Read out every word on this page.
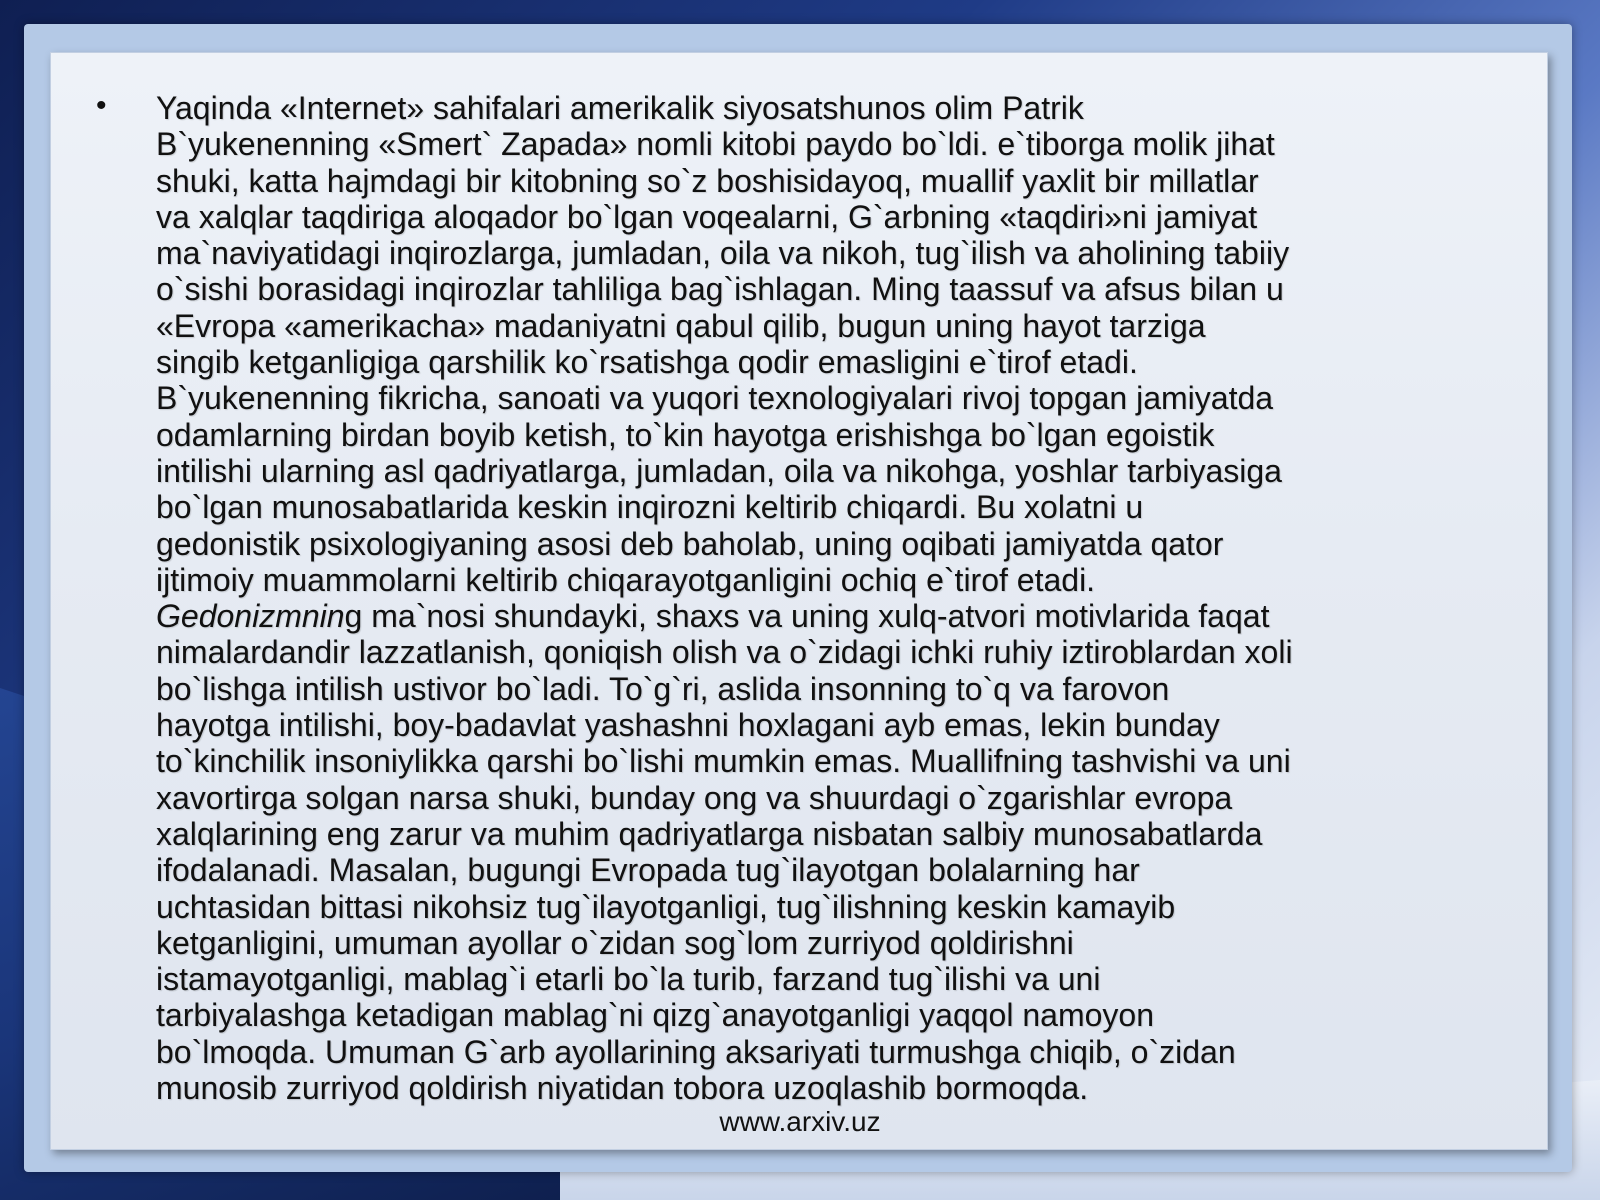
• Yaqinda «Internet» sahifalari amerikalik siyosatshunos olim Patrik
B`yukenenning «Smert` Zapada» nomli kitobi paydo bo`ldi. e`tiborga molik jihat
shuki, katta hajmdagi bir kitobning so`z boshisidayoq, muallif yaxlit bir millatlar
va xalqlar taqdiriga aloqador bo`lgan voqealarni, G`arbning «taqdiri»ni jamiyat
ma`naviyatidagi inqirozlarga, jumladan, oila va nikoh, tug`ilish va aholining tabiiy
o`sishi borasidagi inqirozlar tahliliga bag`ishlagan. Ming taassuf va afsus bilan u
«Evropa «amerikacha» madaniyatni qabul qilib, bugun uning hayot tarziga
singib ketganligiga qarshilik ko`rsatishga qodir emasligini e`tirof etadi.
B`yukenenning fikricha, sanoati va yuqori texnologiyalari rivoj topgan jamiyatda
odamlarning birdan boyib ketish, to`kin hayotga erishishga bo`lgan egoistik
intilishi ularning asl qadriyatlarga, jumladan, oila va nikohga, yoshlar tarbiyasiga
bo`lgan munosabatlarida keskin inqirozni keltirib chiqardi. Bu xolatni u
gedonistik psixologiyaning asosi deb baholab, uning oqibati jamiyatda qator
ijtimoiy muammolarni keltirib chiqarayotganligini ochiq e`tirof etadi.
Gedonizmning ma`nosi shundayki, shaxs va uning xulq-atvori motivlarida faqat
nimalardandir lazzatlanish, qoniqish olish va o`zidagi ichki ruhiy iztiroblardan xoli
bo`lishga intilish ustivor bo`ladi. To`g`ri, aslida insonning to`q va farovon
hayotga intilishi, boy-badavlat yashashni hoxlagani ayb emas, lekin bunday
to`kinchilik insoniylikka qarshi bo`lishi mumkin emas. Muallifning tashvishi va uni
xavortirga solgan narsa shuki, bunday ong va shuurdagi o`zgarishlar evropa
xalqlarining eng zarur va muhim qadriyatlarga nisbatan salbiy munosabatlarda
ifodalanadi. Masalan, bugungi Evropada tug`ilayotgan bolalarning har
uchtasidan bittasi nikohsiz tug`ilayotganligi, tug`ilishning keskin kamayib
ketganligini, umuman ayollar o`zidan sog`lom zurriyod qoldirishni
istamayotganligi, mablag`i etarli bo`la turib, farzand tug`ilishi va uni
tarbiyalashga ketadigan mablag`ni qizg`anayotganligi yaqqol namoyon
bo`lmoqda. Umuman G`arb ayollarining aksariyati turmushga chiqib, o`zidan
munosib zurriyod qoldirish niyatidan tobora uzoqlashib bormoqda.
www.arxiv.uz
